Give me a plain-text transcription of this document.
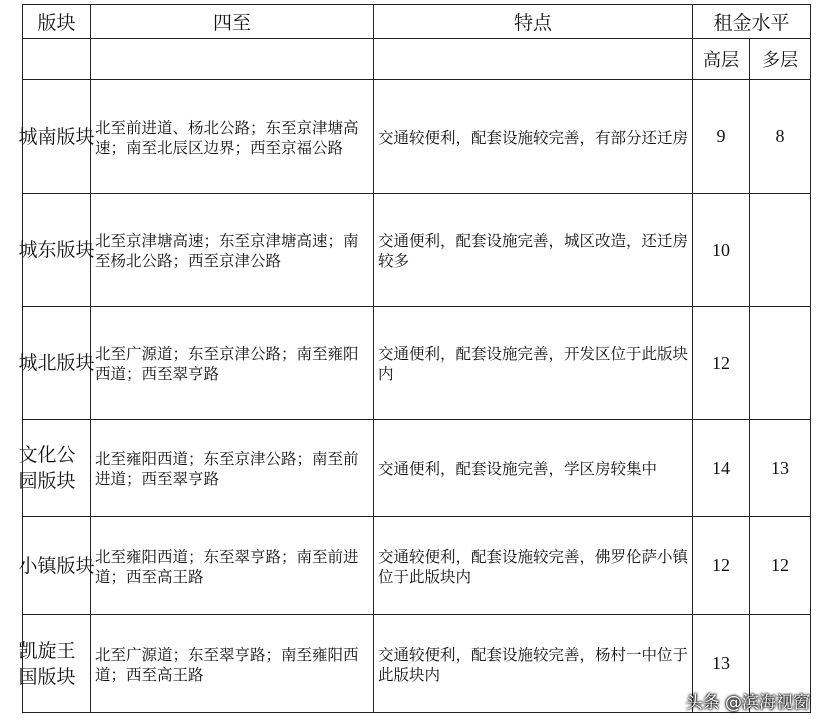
版块	四至	特点	租金水平	
			高层	多层

城南版块	北至前进道、杨北公路；东至京津塘高速；南至北辰区边界；西至京福公路	交通较便利，配套设施较完善，有部分还迁房	9	8

城东版块	北至京津塘高速；东至京津塘高速；南至杨北公路；西至京津公路	交通便利，配套设施完善，城区改造，还迁房较多	10	

城北版块	北至广源道；东至京津公路；南至雍阳西道；西至翠亨路	交通便利，配套设施完善，开发区位于此版块内	12	

文化公园版块	北至雍阳西道；东至京津公路；南至前进道；西至翠亨路	交通便利，配套设施完善，学区房较集中	14	13

小镇版块	北至雍阳西道；东至翠亨路；南至前进道；西至高王路	交通较便利，配套设施较完善，佛罗伦萨小镇位于此版块内	12	12

凯旋王国版块	北至广源道；东至翠亨路；南至雍阳西道；西至高王路	交通较便利，配套设施较完善，杨村一中位于此版块内	13	
头条 @滨海视窗
